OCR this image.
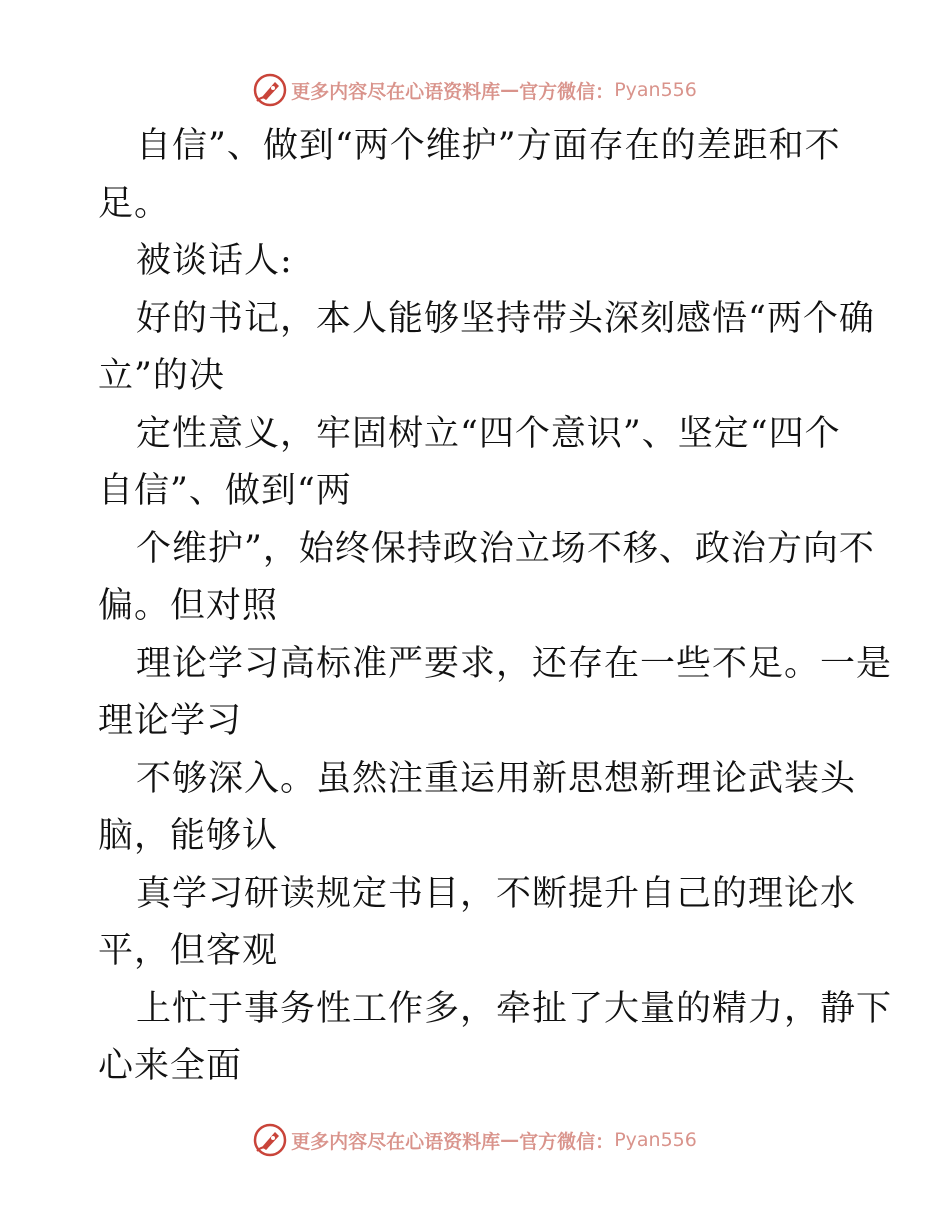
更多内容尽在心语资料库 — 官方微信： Pyan556
自信”、做到“两个维护”方面存在的差距和不
足。
被谈话人:
好的书记，本人能够坚持带头深刻感悟“两个确
立”的决
定性意义，牢固树立“四个意识”、坚定“四个
自信”、做到“两
个维护”，始终保持政治立场不移、政治方向不
偏。但对照
理论学习高标准严要求，还存在一些不足。一是
理论学习
不够深入。虽然注重运用新思想新理论武装头
脑，能够认
真学习研读规定书目，不断提升自己的理论水
平，但客观
上忙于事务性工作多，牵扯了大量的精力，静下
心来全面
更多内容尽在心语资料库 — 官方微信： Pyan556
